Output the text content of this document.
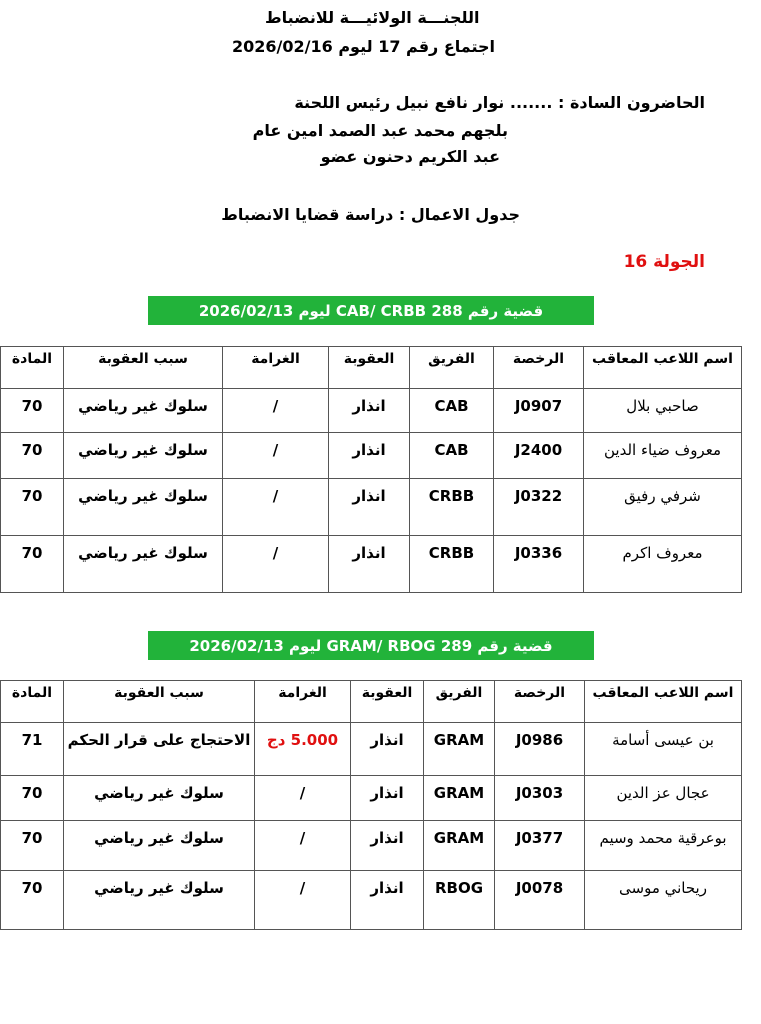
اللجنـــة الولائيـــة للانضباط
اجتماع رقم 17 ليوم 2026/02/16
الحاضرون السادة : ....... نوار نافع نبيل رئيس اللحنة
بلجهم محمد عبد الصمد امين عام
عبد الكريم دحنون عضو
جدول الاعمال : دراسة قضايا الانضباط
الجولة 16
قضية رقم 288 CAB/ CRBB ليوم 2026/02/13
اسم اللاعب المعاقب	الرخصة	الفريق	العقوبة	الغرامة	سبب العقوبة	المادة
صاحبي بلال	J0907	CAB	انذار	/	سلوك غير رياضي	70
معروف ضياء الدين	J2400	CAB	انذار	/	سلوك غير رياضي	70
شرفي رفيق	J0322	CRBB	انذار	/	سلوك غير رياضي	70
معروف اكرم	J0336	CRBB	انذار	/	سلوك غير رياضي	70
قضية رقم 289 GRAM/ RBOG ليوم 2026/02/13
اسم اللاعب المعاقب	الرخصة	الفريق	العقوبة	الغرامة	سبب العقوبة	المادة
بن عيسى أسامة	J0986	GRAM	انذار	5.000 دج	الاحتجاج على قرار الحكم	71
عجال عز الدين	J0303	GRAM	انذار	/	سلوك غير رياضي	70
بوعرقية محمد وسيم	J0377	GRAM	انذار	/	سلوك غير رياضي	70
ريحاني موسى	J0078	RBOG	انذار	/	سلوك غير رياضي	70
